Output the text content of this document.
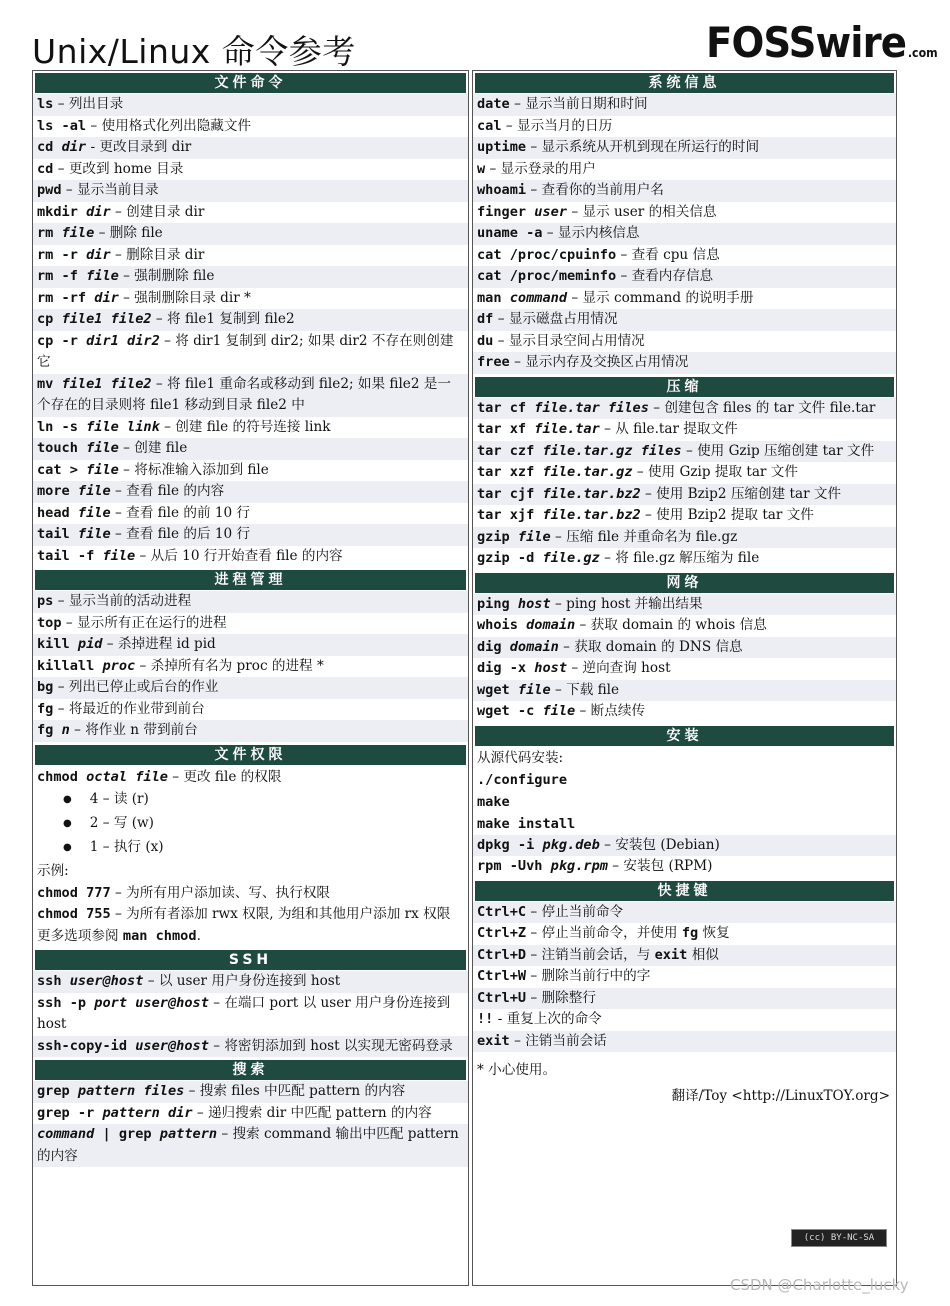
Unix/Linux 命令参考	FOSSwire .com
文件命令
ls – 列出目录
ls -al – 使用格式化列出隐藏文件
cd dir - 更改目录到 dir
cd – 更改到 home 目录
pwd – 显示当前目录
mkdir dir – 创建目录 dir
rm file – 删除 file
rm -r dir – 删除目录 dir
rm -f file – 强制删除 file
rm -rf dir – 强制删除目录 dir *
cp file1 file2 – 将 file1 复制到 file2
cp -r dir1 dir2 – 将 dir1 复制到 dir2; 如果 dir2 不存在则创建它
mv file1 file2 – 将 file1 重命名或移动到 file2; 如果 file2 是一个存在的目录则将 file1 移动到目录 file2 中
ln -s file link – 创建 file 的符号连接 link
touch file – 创建 file
cat > file – 将标准输入添加到 file
more file – 查看 file 的内容
head file – 查看 file 的前 10 行
tail file – 查看 file 的后 10 行
tail -f file – 从后 10 行开始查看 file 的内容
进程管理
ps – 显示当前的活动进程
top – 显示所有正在运行的进程
kill pid – 杀掉进程 id pid
killall proc – 杀掉所有名为 proc 的进程 *
bg – 列出已停止或后台的作业
fg – 将最近的作业带到前台
fg n – 将作业 n 带到前台
文件权限
chmod octal file – 更改 file 的权限
● 4 – 读 (r)
● 2 – 写 (w)
● 1 – 执行 (x)
示例:
chmod 777 – 为所有用户添加读、写、执行权限
chmod 755 – 为所有者添加 rwx 权限, 为组和其他用户添加 rx 权限
更多选项参阅 man chmod.
SSH
ssh user@host – 以 user 用户身份连接到 host
ssh -p port user@host – 在端口 port 以 user 用户身份连接到 host
ssh-copy-id user@host – 将密钥添加到 host 以实现无密码登录
搜索
grep pattern files – 搜索 files 中匹配 pattern 的内容
grep -r pattern dir – 递归搜索 dir 中匹配 pattern 的内容
command | grep pattern – 搜索 command 输出中匹配 pattern 的内容
系统信息
date – 显示当前日期和时间
cal – 显示当月的日历
uptime – 显示系统从开机到现在所运行的时间
w – 显示登录的用户
whoami – 查看你的当前用户名
finger user – 显示 user 的相关信息
uname -a – 显示内核信息
cat /proc/cpuinfo – 查看 cpu 信息
cat /proc/meminfo – 查看内存信息
man command – 显示 command 的说明手册
df – 显示磁盘占用情况
du – 显示目录空间占用情况
free – 显示内存及交换区占用情况
压缩
tar cf file.tar files – 创建包含 files 的 tar 文件 file.tar
tar xf file.tar – 从 file.tar 提取文件
tar czf file.tar.gz files – 使用 Gzip 压缩创建 tar 文件
tar xzf file.tar.gz – 使用 Gzip 提取 tar 文件
tar cjf file.tar.bz2 – 使用 Bzip2 压缩创建 tar 文件
tar xjf file.tar.bz2 – 使用 Bzip2 提取 tar 文件
gzip file – 压缩 file 并重命名为 file.gz
gzip -d file.gz – 将 file.gz 解压缩为 file
网络
ping host – ping host 并输出结果
whois domain – 获取 domain 的 whois 信息
dig domain – 获取 domain 的 DNS 信息
dig -x host – 逆向查询 host
wget file – 下载 file
wget -c file – 断点续传
安装
从源代码安装:
./configure
make
make install
dpkg -i pkg.deb – 安装包 (Debian)
rpm -Uvh pkg.rpm – 安装包 (RPM)
快捷键
Ctrl+C – 停止当前命令
Ctrl+Z – 停止当前命令，并使用 fg 恢复
Ctrl+D – 注销当前会话，与 exit 相似
Ctrl+W – 删除当前行中的字
Ctrl+U – 删除整行
!! - 重复上次的命令
exit – 注销当前会话
* 小心使用。
翻译/Toy <http://LinuxTOY.org>
(cc) BY-NC-SA
CSDN @Charlotte_lucky
